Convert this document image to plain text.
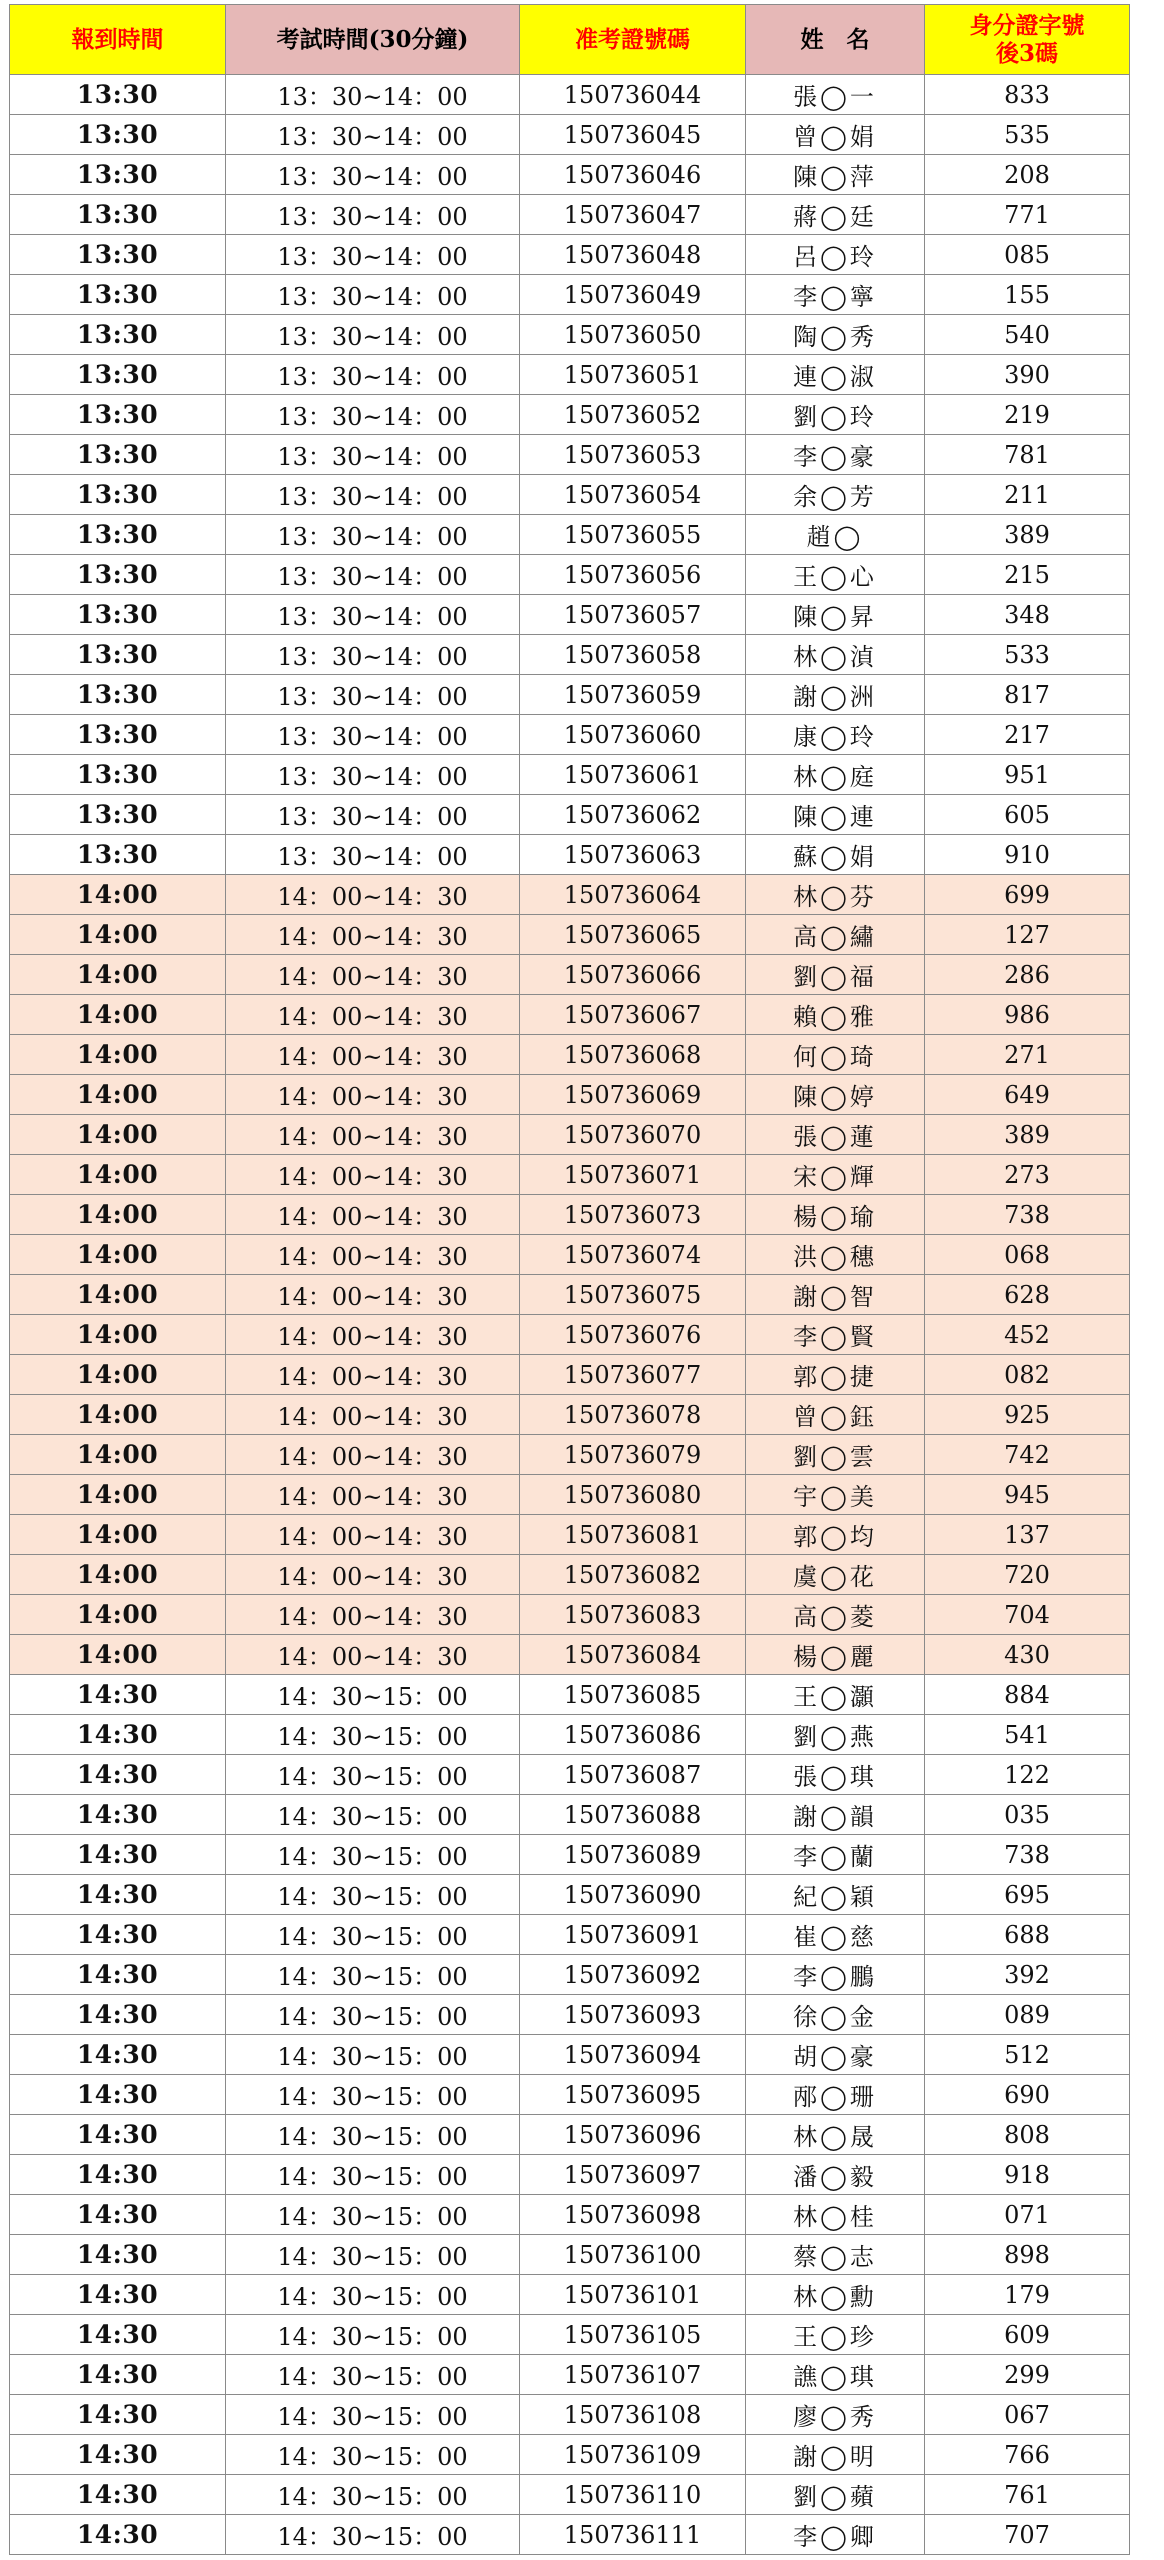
報到時間	考試時間(30分鐘)	准考證號碼	姓　名	身分證字號
後3碼

13:30	13：30~14：00	150736044	張◯一	833
13:30	13：30~14：00	150736045	曾◯娟	535
13:30	13：30~14：00	150736046	陳◯萍	208
13:30	13：30~14：00	150736047	蔣◯廷	771
13:30	13：30~14：00	150736048	呂◯玲	085
13:30	13：30~14：00	150736049	李◯寧	155
13:30	13：30~14：00	150736050	陶◯秀	540
13:30	13：30~14：00	150736051	連◯淑	390
13:30	13：30~14：00	150736052	劉◯玲	219
13:30	13：30~14：00	150736053	李◯豪	781
13:30	13：30~14：00	150736054	余◯芳	211
13:30	13：30~14：00	150736055	趙◯	389
13:30	13：30~14：00	150736056	王◯心	215
13:30	13：30~14：00	150736057	陳◯昇	348
13:30	13：30~14：00	150736058	林◯湞	533
13:30	13：30~14：00	150736059	謝◯洲	817
13:30	13：30~14：00	150736060	康◯玲	217
13:30	13：30~14：00	150736061	林◯庭	951
13:30	13：30~14：00	150736062	陳◯連	605
13:30	13：30~14：00	150736063	蘇◯娟	910
14:00	14：00~14：30	150736064	林◯芬	699
14:00	14：00~14：30	150736065	高◯繡	127
14:00	14：00~14：30	150736066	劉◯福	286
14:00	14：00~14：30	150736067	賴◯雅	986
14:00	14：00~14：30	150736068	何◯琦	271
14:00	14：00~14：30	150736069	陳◯婷	649
14:00	14：00~14：30	150736070	張◯蓮	389
14:00	14：00~14：30	150736071	宋◯輝	273
14:00	14：00~14：30	150736073	楊◯瑜	738
14:00	14：00~14：30	150736074	洪◯穗	068
14:00	14：00~14：30	150736075	謝◯智	628
14:00	14：00~14：30	150736076	李◯賢	452
14:00	14：00~14：30	150736077	郭◯捷	082
14:00	14：00~14：30	150736078	曾◯鈺	925
14:00	14：00~14：30	150736079	劉◯雲	742
14:00	14：00~14：30	150736080	宇◯美	945
14:00	14：00~14：30	150736081	郭◯均	137
14:00	14：00~14：30	150736082	虞◯花	720
14:00	14：00~14：30	150736083	高◯菱	704
14:00	14：00~14：30	150736084	楊◯麗	430
14:30	14：30~15：00	150736085	王◯灝	884
14:30	14：30~15：00	150736086	劉◯燕	541
14:30	14：30~15：00	150736087	張◯琪	122
14:30	14：30~15：00	150736088	謝◯韻	035
14:30	14：30~15：00	150736089	李◯蘭	738
14:30	14：30~15：00	150736090	紀◯穎	695
14:30	14：30~15：00	150736091	崔◯慈	688
14:30	14：30~15：00	150736092	李◯鵬	392
14:30	14：30~15：00	150736093	徐◯金	089
14:30	14：30~15：00	150736094	胡◯豪	512
14:30	14：30~15：00	150736095	邴◯珊	690
14:30	14：30~15：00	150736096	林◯晟	808
14:30	14：30~15：00	150736097	潘◯毅	918
14:30	14：30~15：00	150736098	林◯桂	071
14:30	14：30~15：00	150736100	蔡◯志	898
14:30	14：30~15：00	150736101	林◯勳	179
14:30	14：30~15：00	150736105	王◯珍	609
14:30	14：30~15：00	150736107	譙◯琪	299
14:30	14：30~15：00	150736108	廖◯秀	067
14:30	14：30~15：00	150736109	謝◯明	766
14:30	14：30~15：00	150736110	劉◯蘋	761
14:30	14：30~15：00	150736111	李◯卿	707
